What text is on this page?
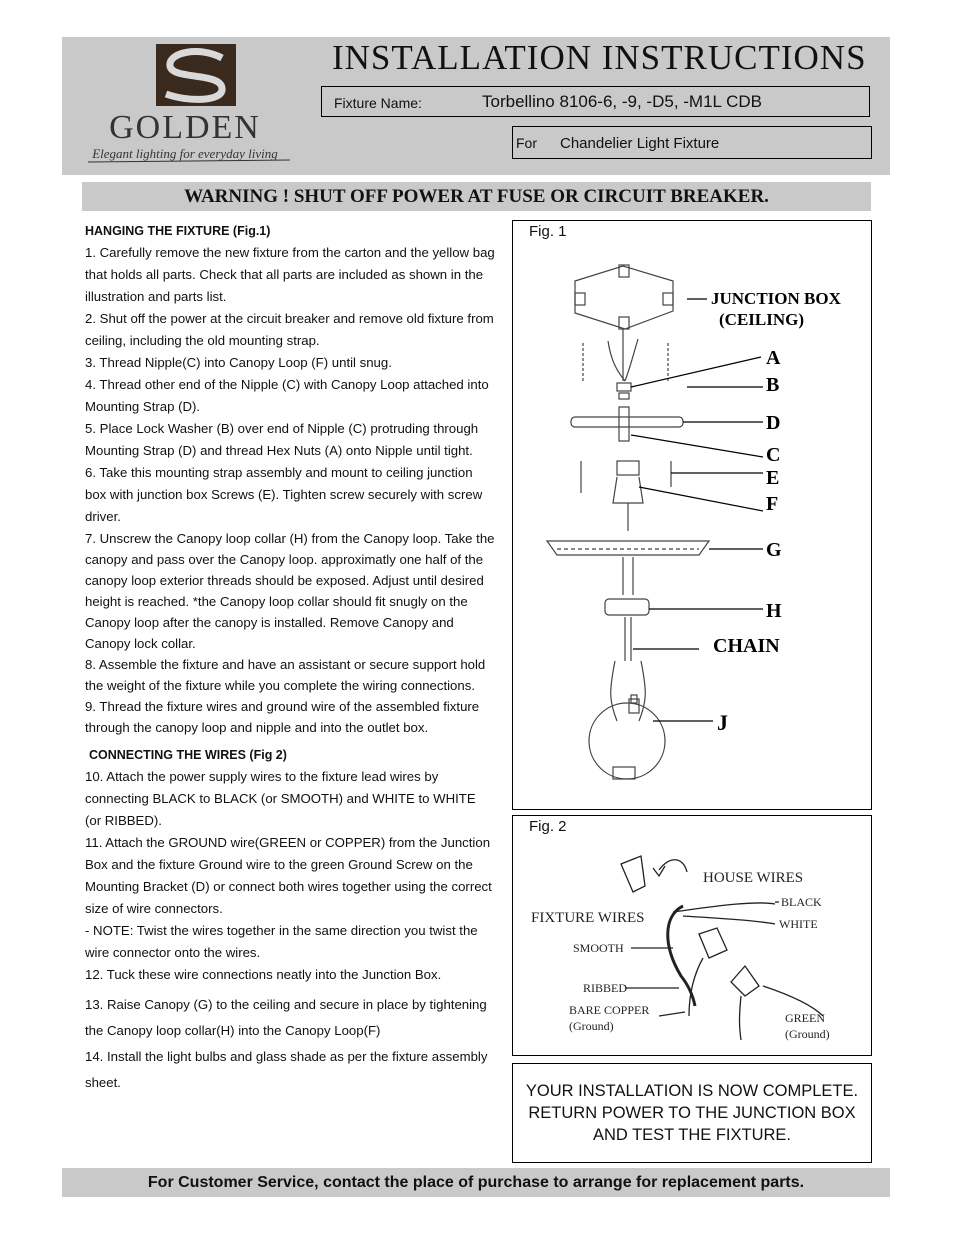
GOLDEN
Elegant lighting for everyday living
INSTALLATION INSTRUCTIONS
Fixture Name:	Torbellino 8106-6, -9, -D5, -M1L CDB
For Chandelier Light Fixture
WARNING ! SHUT OFF POWER AT FUSE OR CIRCUIT BREAKER.

HANGING THE FIXTURE (Fig.1)

1. Carefully remove the new fixture from the carton and the yellow bag that holds all parts. Check that all parts are included as shown in the illustration and parts list.

2. Shut off the power at the circuit breaker and remove old fixture from ceiling, including the old mounting strap.

3. Thread Nipple(C) into Canopy Loop (F) until snug.

4. Thread other end of the Nipple (C) with Canopy Loop attached into Mounting Strap (D).

5. Place Lock Washer (B) over end of Nipple (C) protruding through Mounting Strap (D) and thread Hex Nuts (A) onto Nipple until tight.

6. Take this mounting strap assembly and mount to ceiling junction box with junction box Screws (E). Tighten screw securely with screw driver.

7. Unscrew the Canopy loop collar (H) from the Canopy loop. Take the canopy and pass over the Canopy loop. approximatly one half of the canopy loop exterior threads should be exposed. Adjust until desired height is reached. *the Canopy loop collar should fit snugly on the Canopy loop after the canopy is installed. Remove Canopy and Canopy lock collar.

8. Assemble the fixture and have an assistant or secure support hold the weight of the fixture while you complete the wiring connections.

9. Thread the fixture wires and ground wire of the assembled fixture through the canopy loop and nipple and into the outlet box.

CONNECTING THE WIRES (Fig 2)

10. Attach the power supply wires to the fixture lead wires by connecting BLACK to BLACK (or SMOOTH) and WHITE to WHITE (or RIBBED).

11. Attach the GROUND wire(GREEN or COPPER) from the Junction Box and the fixture Ground wire to the green Ground Screw on the Mounting Bracket (D) or connect both wires together using the correct size of wire connectors.

- NOTE: Twist the wires together in the same direction you twist the wire connector onto the wires.

12. Tuck these wire connections neatly into the Junction Box.

13. Raise Canopy (G) to the ceiling and secure in place by tightening the Canopy loop collar(H) into the Canopy Loop(F)

14. Install the light bulbs and glass shade as per the fixture assembly sheet.

Fig. 1
JUNCTION BOX
(CEILING)
A
B
D
C
E
F
G
H
CHAIN
J
Fig. 2
HOUSE WIRES
FIXTURE WIRES
BLACK
WHITE
SMOOTH
RIBBED
BARE COPPER
(Ground)
GREEN
(Ground)
YOUR INSTALLATION IS NOW COMPLETE.
RETURN POWER TO THE JUNCTION BOX
AND TEST THE FIXTURE.
For Customer Service, contact the place of purchase to arrange for replacement parts.
